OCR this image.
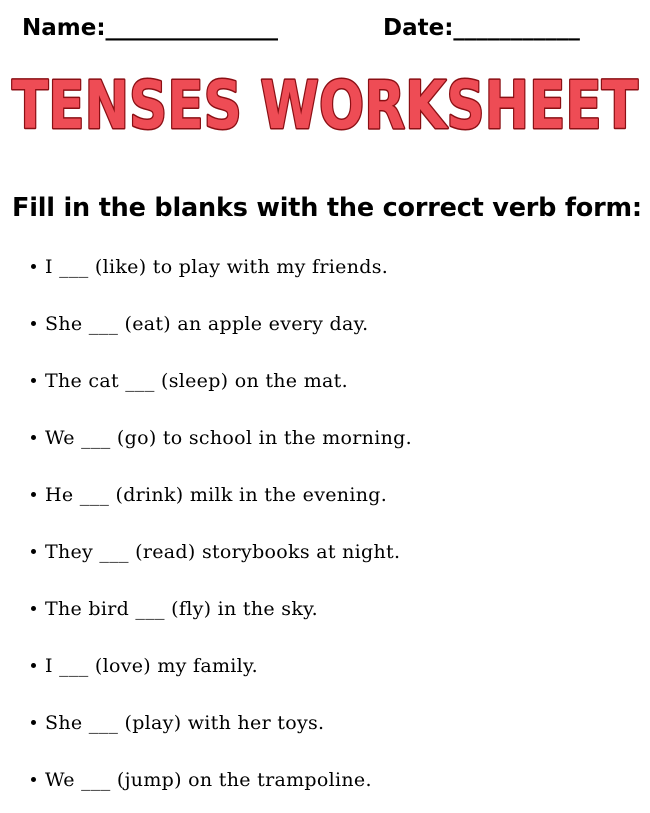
Name:_______________	Date:___________
TENSES WORKSHEET
Fill in the blanks with the correct verb form:
I ___ (like) to play with my friends.
She ___ (eat) an apple every day.
The cat ___ (sleep) on the mat.
We ___ (go) to school in the morning.
He ___ (drink) milk in the evening.
They ___ (read) storybooks at night.
The bird ___ (fly) in the sky.
I ___ (love) my family.
She ___ (play) with her toys.
We ___ (jump) on the trampoline.
